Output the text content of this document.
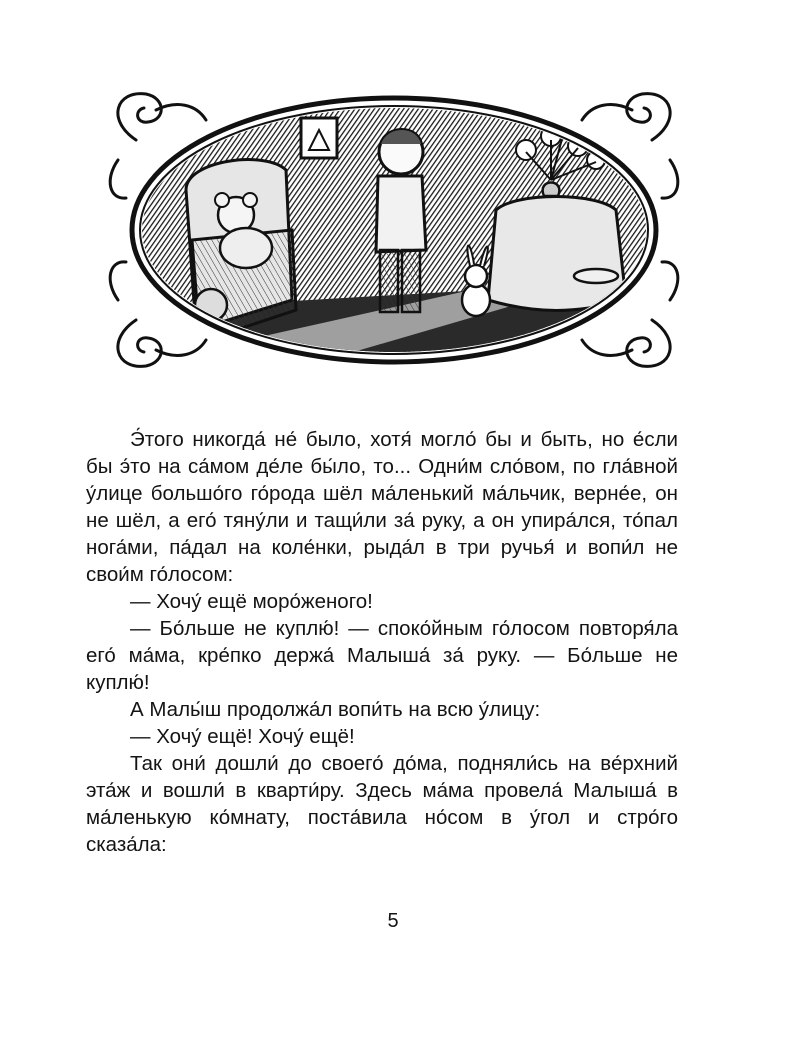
Э́того никогда́ не́ было, хотя́ могло́ бы и быть, но е́сли бы э́то на са́мом де́ле бы́ло, то... Одни́м сло́вом, по гла́вной у́лице большо́го го́рода шёл ма́ленький ма́льчик, верне́е, он не шёл, а его́ тяну́ли и тащи́ли за́ руку, а он упира́лся, то́пал нога́ми, па́дал на коле́нки, рыда́л в три ручья́ и вопи́л не свои́м го́лосом:

— Хочу́ ещё моро́женого!

— Бо́льше не куплю́! — споко́йным го́лосом повторя́ла его́ ма́ма, кре́пко держа́ Малыша́ за́ руку. — Бо́льше не куплю́!

А Малы́ш продолжа́л вопи́ть на всю у́лицу:

— Хочу́ ещё! Хочу́ ещё!

Так они́ дошли́ до своего́ до́ма, подняли́сь на ве́рхний эта́ж и вошли́ в кварти́ру. Здесь ма́ма провела́ Малыша́ в ма́ленькую ко́мнату, поста́вила но́сом в у́гол и стро́го сказа́ла:

5
